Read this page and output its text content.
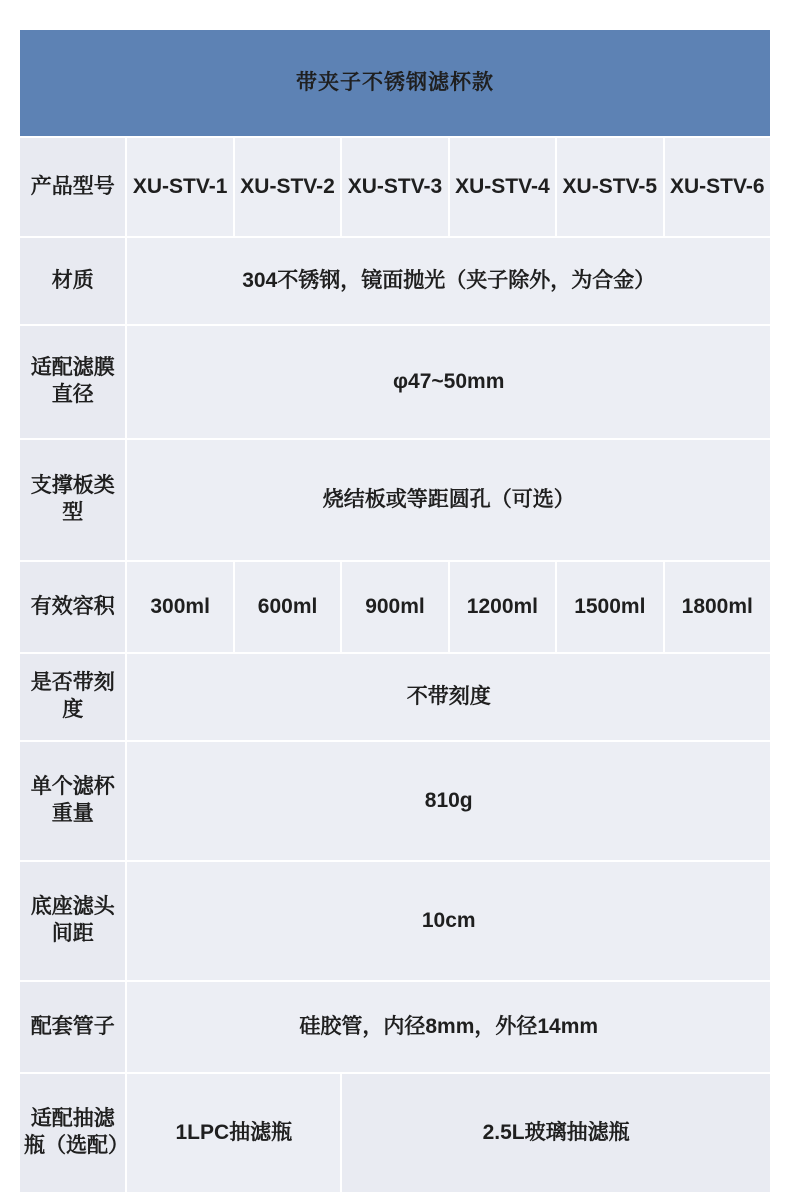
带夹子不锈钢滤杯款						
产品型号	XU-STV-1	XU-STV-2	XU-STV-3	XU-STV-4	XU-STV-5	XU-STV-6
材质	304不锈钢，镜面抛光（夹子除外，为合金）					
适配滤膜直径	φ47~50mm					
支撑板类型	烧结板或等距圆孔（可选）					
有效容积	300ml	600ml	900ml	1200ml	1500ml	1800ml
是否带刻度	不带刻度					
单个滤杯重量	810g					
底座滤头间距	10cm					
配套管子	硅胶管，内径8mm，外径14mm					
适配抽滤瓶（选配）	1LPC抽滤瓶		2.5L玻璃抽滤瓶			
